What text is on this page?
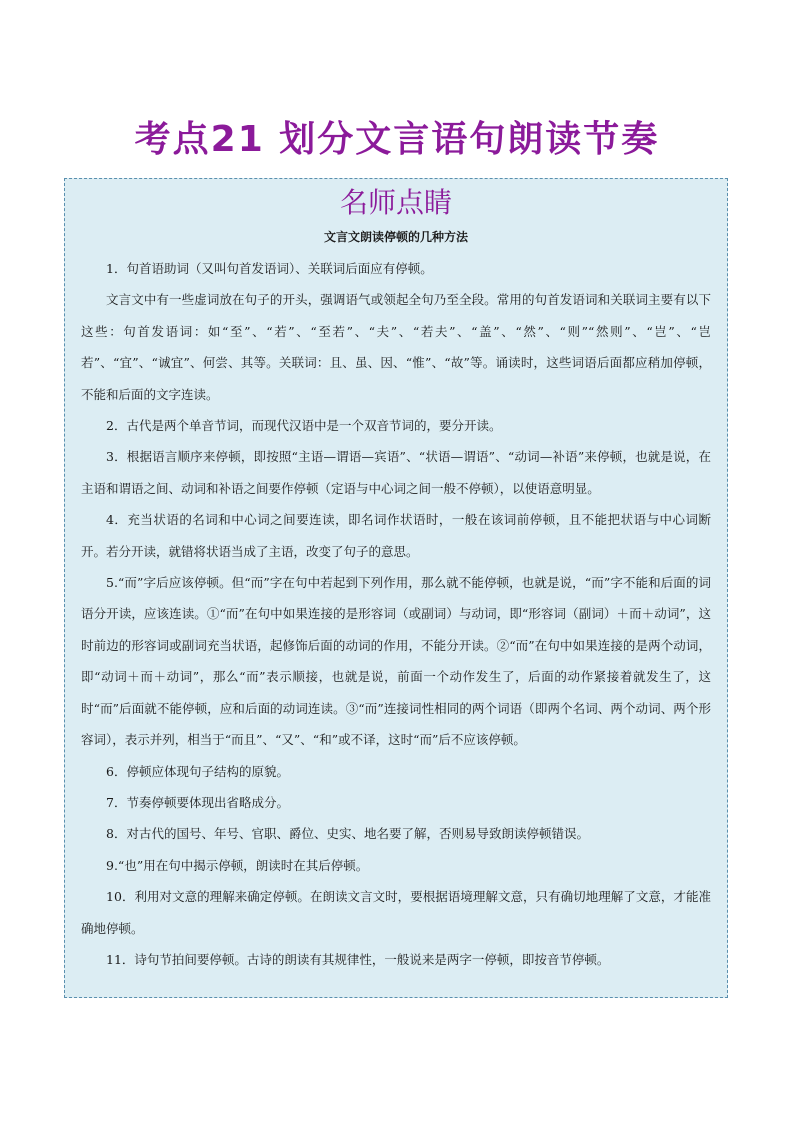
考点21 划分文言语句朗读节奏
名师点睛
文言文朗读停顿的几种方法

1．句首语助词（又叫句首发语词）、关联词后面应有停顿。

文言文中有一些虚词放在句子的开头，强调语气或领起全句乃至全段。常用的句首发语词和关联词主要有以下这些：句首发语词：如“至”、“若”、“至若”、“夫”、“若夫”、“盖”、“然”、“则”“然则”、“岂”、“岂若”、“宜”、“诚宜”、何尝、其等。关联词：且、虽、因、“惟”、“故”等。诵读时，这些词语后面都应稍加停顿，不能和后面的文字连读。

2．古代是两个单音节词，而现代汉语中是一个双音节词的，要分开读。

3．根据语言顺序来停顿，即按照“主语—谓语—宾语”、“状语—谓语”、“动词—补语”来停顿，也就是说，在主语和谓语之间、动词和补语之间要作停顿（定语与中心词之间一般不停顿），以使语意明显。

4．充当状语的名词和中心词之间要连读，即名词作状语时，一般在该词前停顿，且不能把状语与中心词断开。若分开读，就错将状语当成了主语，改变了句子的意思。

5.“而”字后应该停顿。但“而”字在句中若起到下列作用，那么就不能停顿，也就是说，“而”字不能和后面的词语分开读，应该连读。①“而”在句中如果连接的是形容词（或副词）与动词，即“形容词（副词）＋而＋动词”，这时前边的形容词或副词充当状语，起修饰后面的动词的作用，不能分开读。②“而”在句中如果连接的是两个动词，即“动词＋而＋动词”，那么“而”表示顺接，也就是说，前面一个动作发生了，后面的动作紧接着就发生了，这时“而”后面就不能停顿，应和后面的动词连读。③“而”连接词性相同的两个词语（即两个名词、两个动词、两个形容词），表示并列，相当于“而且”、“又”、“和”或不译，这时“而”后不应该停顿。

6．停顿应体现句子结构的原貌。

7．节奏停顿要体现出省略成分。

8．对古代的国号、年号、官职、爵位、史实、地名要了解，否则易导致朗读停顿错误。

9.“也”用在句中揭示停顿，朗读时在其后停顿。

10．利用对文意的理解来确定停顿。在朗读文言文时，要根据语境理解文意，只有确切地理解了文意，才能准确地停顿。

11．诗句节拍间要停顿。古诗的朗读有其规律性，一般说来是两字一停顿，即按音节停顿。
